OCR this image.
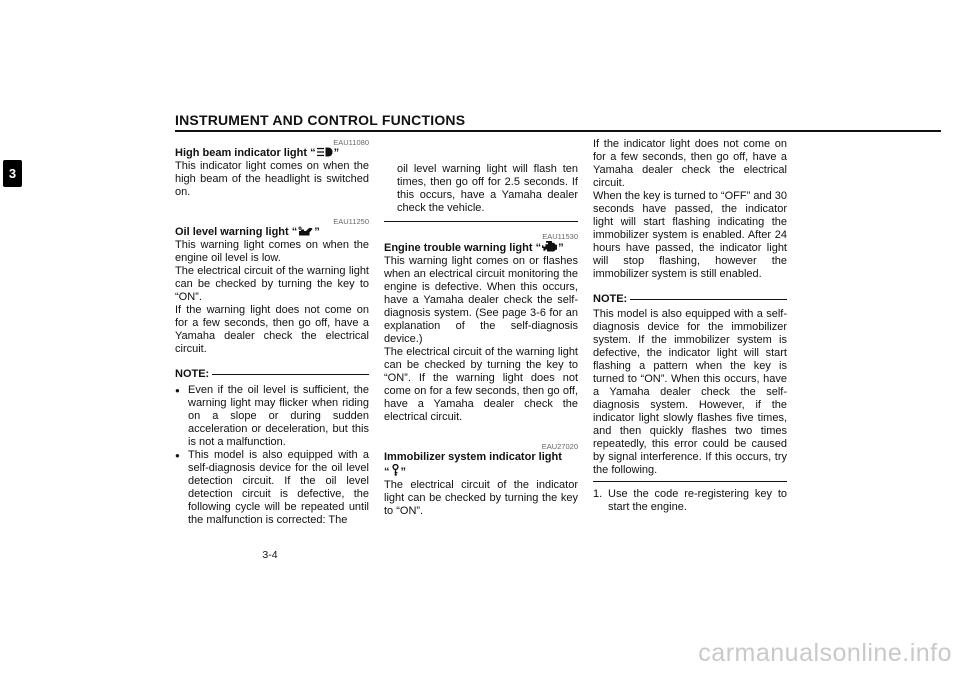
INSTRUMENT AND CONTROL FUNCTIONS
3
EAU11080
High beam indicator light “ ”
This indicator light comes on when the high beam of the headlight is switched on.
EAU11250
Oil level warning light “ ”
This warning light comes on when the engine oil level is low.
The electrical circuit of the warning light can be checked by turning the key to “ON”.
If the warning light does not come on for a few seconds, then go off, have a Yamaha dealer check the electrical circuit.
NOTE:
● Even if the oil level is sufficient, the warning light may flicker when riding on a slope or during sudden acceleration or deceleration, but this is not a malfunction.
● This model is also equipped with a self-diagnosis device for the oil level detection circuit. If the oil level detection circuit is defective, the following cycle will be repeated until the malfunction is corrected: The
oil level warning light will flash ten times, then go off for 2.5 seconds. If this occurs, have a Yamaha dealer check the vehicle.
EAU11530
Engine trouble warning light “ ”
This warning light comes on or flashes when an electrical circuit monitoring the engine is defective. When this occurs, have a Yamaha dealer check the self-diagnosis system. (See page 3-6 for an explanation of the self-diagnosis device.)
The electrical circuit of the warning light can be checked by turning the key to “ON”. If the warning light does not come on for a few seconds, then go off, have a Yamaha dealer check the electrical circuit.
EAU27020
Immobilizer system indicator light
“ ”
The electrical circuit of the indicator light can be checked by turning the key to “ON”.
If the indicator light does not come on for a few seconds, then go off, have a Yamaha dealer check the electrical circuit.
When the key is turned to “OFF” and 30 seconds have passed, the indicator light will start flashing indicating the immobilizer system is enabled. After 24 hours have passed, the indicator light will stop flashing, however the immobilizer system is still enabled.
NOTE:
This model is also equipped with a self-diagnosis device for the immobilizer system. If the immobilizer system is defective, the indicator light will start flashing a pattern when the key is turned to “ON”. When this occurs, have a Yamaha dealer check the self-diagnosis system. However, if the indicator light slowly flashes five times, and then quickly flashes two times repeatedly, this error could be caused by signal interference. If this occurs, try the following.
1. Use the code re-registering key to start the engine.
3-4
carmanualsonline.info
